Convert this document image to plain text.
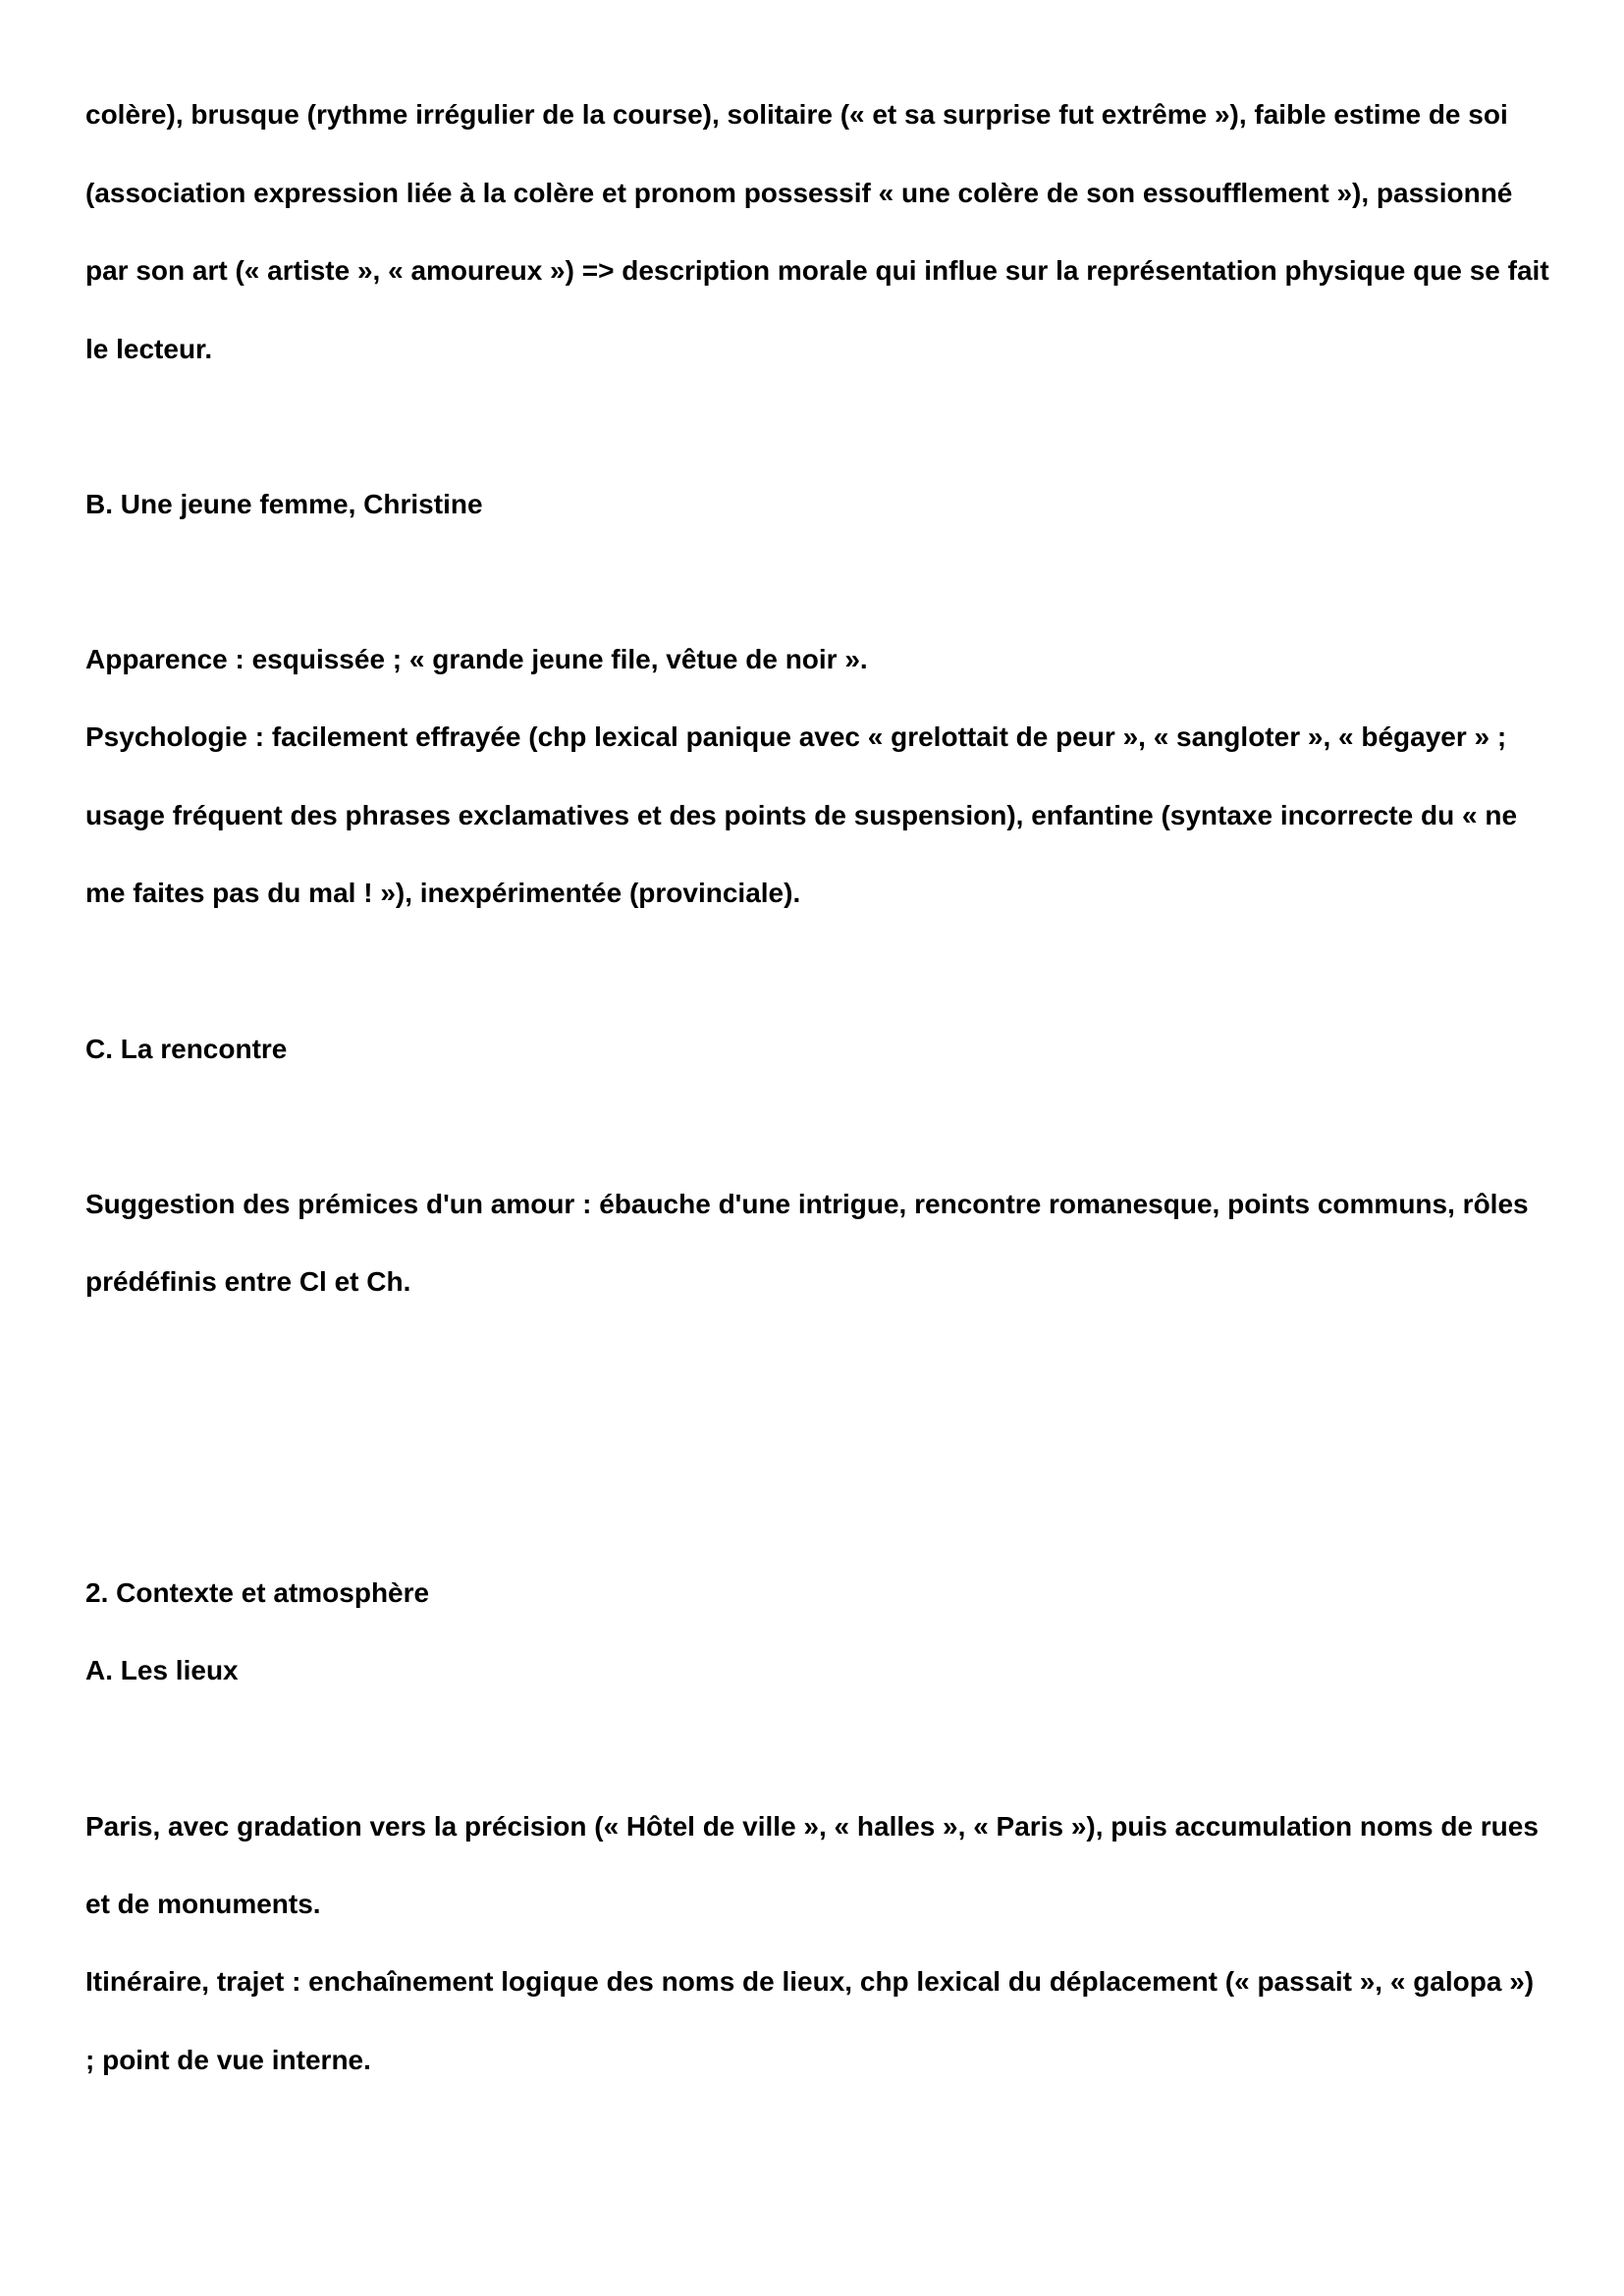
colère), brusque (rythme irrégulier de la course), solitaire (« et sa surprise fut extrême »), faible estime de soi

(association expression liée à la colère et pronom possessif « une colère de son essoufflement »), passionné

par son art (« artiste », « amoureux ») => description morale qui influe sur la représentation physique que se fait

le lecteur.

B. Une jeune femme, Christine

Apparence : esquissée ; « grande jeune file, vêtue de noir ».

Psychologie : facilement effrayée (chp lexical panique avec « grelottait de peur », « sangloter », « bégayer » ;

usage fréquent des phrases exclamatives et des points de suspension), enfantine (syntaxe incorrecte du « ne

me faites pas du mal ! »), inexpérimentée (provinciale).

C. La rencontre

Suggestion des prémices d'un amour : ébauche d'une intrigue, rencontre romanesque, points communs, rôles

prédéfinis entre Cl et Ch.

2. Contexte et atmosphère

A. Les lieux

Paris, avec gradation vers la précision (« Hôtel de ville », « halles », « Paris »), puis accumulation noms de rues

et de monuments.

Itinéraire, trajet : enchaînement logique des noms de lieux, chp lexical du déplacement (« passait », « galopa »)

; point de vue interne.
